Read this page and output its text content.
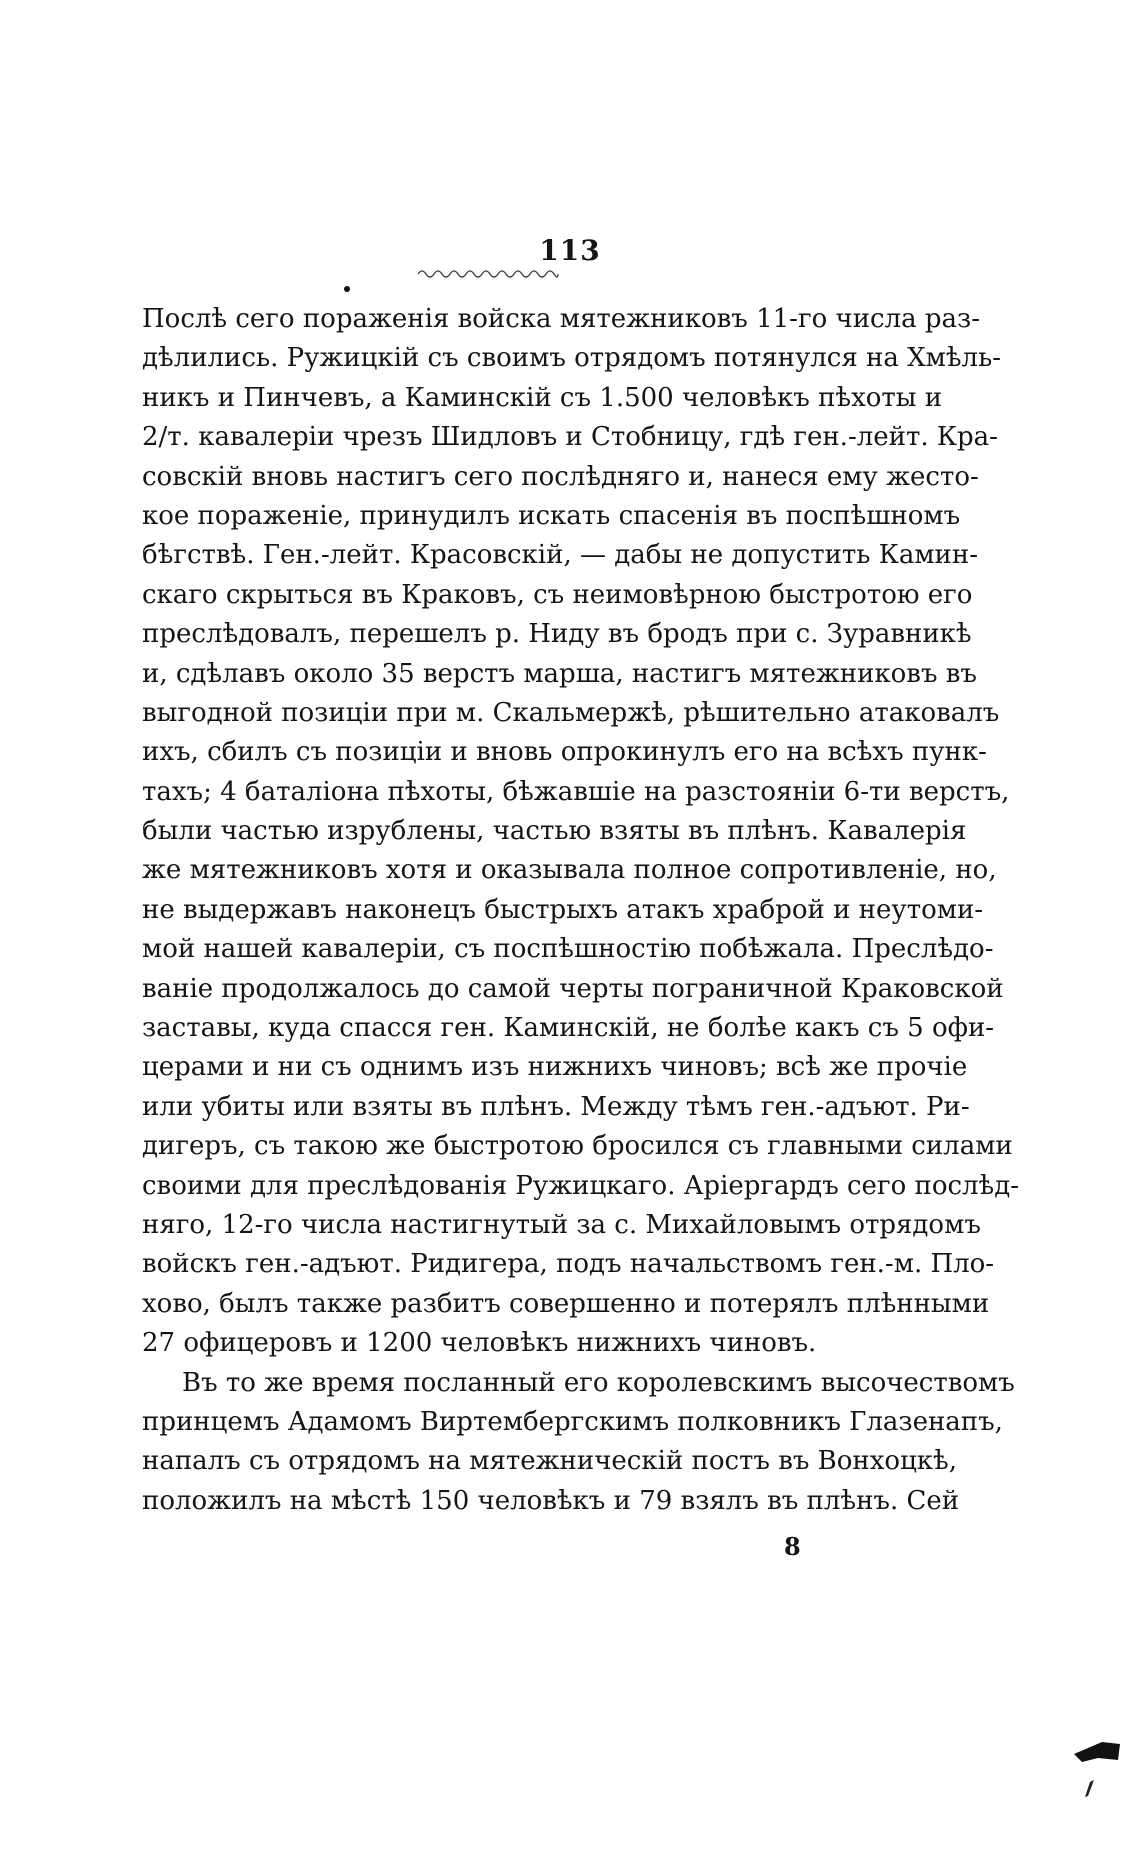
113
Послѣ сего пораженія войска мятежниковъ 11-го числа раз-
дѣлились. Ружицкій съ своимъ отрядомъ потянулся на Хмѣль-
никъ и Пинчевъ, а Каминскій съ 1.500 человѣкъ пѣхоты и
2/т. кавалеріи чрезъ Шидловъ и Стобницу, гдѣ ген.-лейт. Кра-
совскій вновь настигъ сего послѣдняго и, нанеся ему жесто-
кое пораженіе, принудилъ искать спасенія въ поспѣшномъ
бѣгствѣ. Ген.-лейт. Красовскій, — дабы не допустить Камин-
скаго скрыться въ Краковъ, съ неимовѣрною быстротою его
преслѣдовалъ, перешелъ р. Ниду въ бродъ при с. Зуравникѣ
и, сдѣлавъ около 35 верстъ марша, настигъ мятежниковъ въ
выгодной позиціи при м. Скальмержѣ, рѣшительно атаковалъ
ихъ, сбилъ съ позиціи и вновь опрокинулъ его на всѣхъ пунк-
тахъ; 4 баталіона пѣхоты, бѣжавшіе на разстояніи 6-ти верстъ,
были частью изрублены, частью взяты въ плѣнъ. Кавалерія
же мятежниковъ хотя и оказывала полное сопротивленіе, но,
не выдержавъ наконецъ быстрыхъ атакъ храброй и неутоми-
мой нашей кавалеріи, съ поспѣшностію побѣжала. Преслѣдо-
ваніе продолжалось до самой черты пограничной Краковской
заставы, куда спасся ген. Каминскій, не болѣе какъ съ 5 офи-
церами и ни съ однимъ изъ нижнихъ чиновъ; всѣ же прочіе
или убиты или взяты въ плѣнъ. Между тѣмъ ген.-адъют. Ри-
дигеръ, съ такою же быстротою бросился съ главными силами
своими для преслѣдованія Ружицкаго. Аріергардъ сего послѣд-
няго, 12-го числа настигнутый за с. Михайловымъ отрядомъ
войскъ ген.-адъют. Ридигера, подъ начальствомъ ген.-м. Пло-
хово, былъ также разбитъ совершенно и потерялъ плѣнными
27 офицеровъ и 1200 человѣкъ нижнихъ чиновъ.
Въ то же время посланный его королевскимъ высочествомъ
принцемъ Адамомъ Виртембергскимъ полковникъ Глазенапъ,
напалъ съ отрядомъ на мятежническій постъ въ Вонхоцкѣ,
положилъ на мѣстѣ 150 человѣкъ и 79 взялъ въ плѣнъ. Сей
8
